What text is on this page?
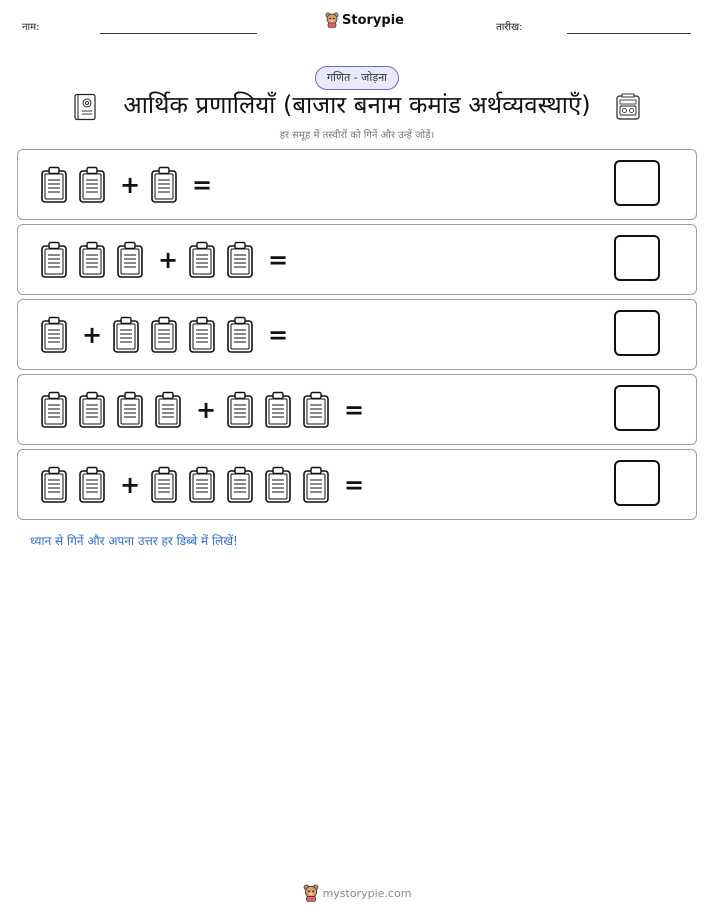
नाम:	Storypie	तारीख:
गणित - जोड़ना
आर्थिक प्रणालियाँ (बाजार बनाम कमांड अर्थव्यवस्थाएँ)
हर समूह में तस्वीरों को गिनें और उन्हें जोड़ें।
+ =
+	=
+	=
+	=
+	=
ध्यान से गिनें और अपना उत्तर हर डिब्बे में लिखें!
mystorypie.com
